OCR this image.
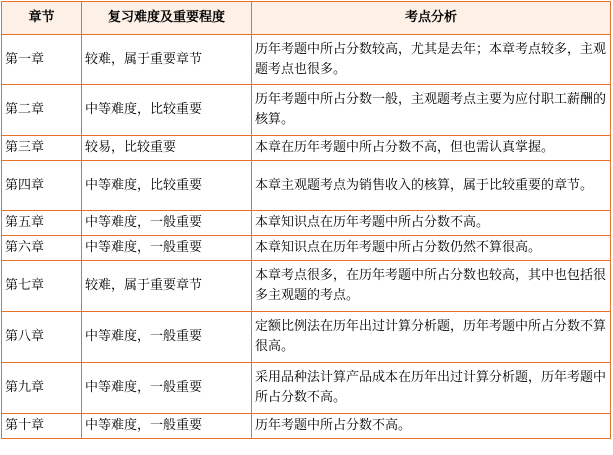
章节	复习难度及重要程度	考点分析
第一章	较难，属于重要章节	历年考题中所占分数较高，尤其是去年；本章考点较多，主观题考点也很多。
第二章	中等难度，比较重要	历年考题中所占分数一般，主观题考点主要为应付职工薪酬的核算。
第三章	较易，比较重要	本章在历年考题中所占分数不高，但也需认真掌握。
第四章	中等难度，比较重要	本章主观题考点为销售收入的核算，属于比较重要的章节。
第五章	中等难度，一般重要	本章知识点在历年考题中所占分数不高。
第六章	中等难度，一般重要	本章知识点在历年考题中所占分数仍然不算很高。
第七章	较难，属于重要章节	本章考点很多，在历年考题中所占分数也较高，其中也包括很多主观题的考点。
第八章	中等难度，一般重要	定额比例法在历年出过计算分析题，历年考题中所占分数不算很高。
第九章	中等难度，一般重要	采用品种法计算产品成本在历年出过计算分析题，历年考题中所占分数不高。
第十章	中等难度，一般重要	历年考题中所占分数不高。
